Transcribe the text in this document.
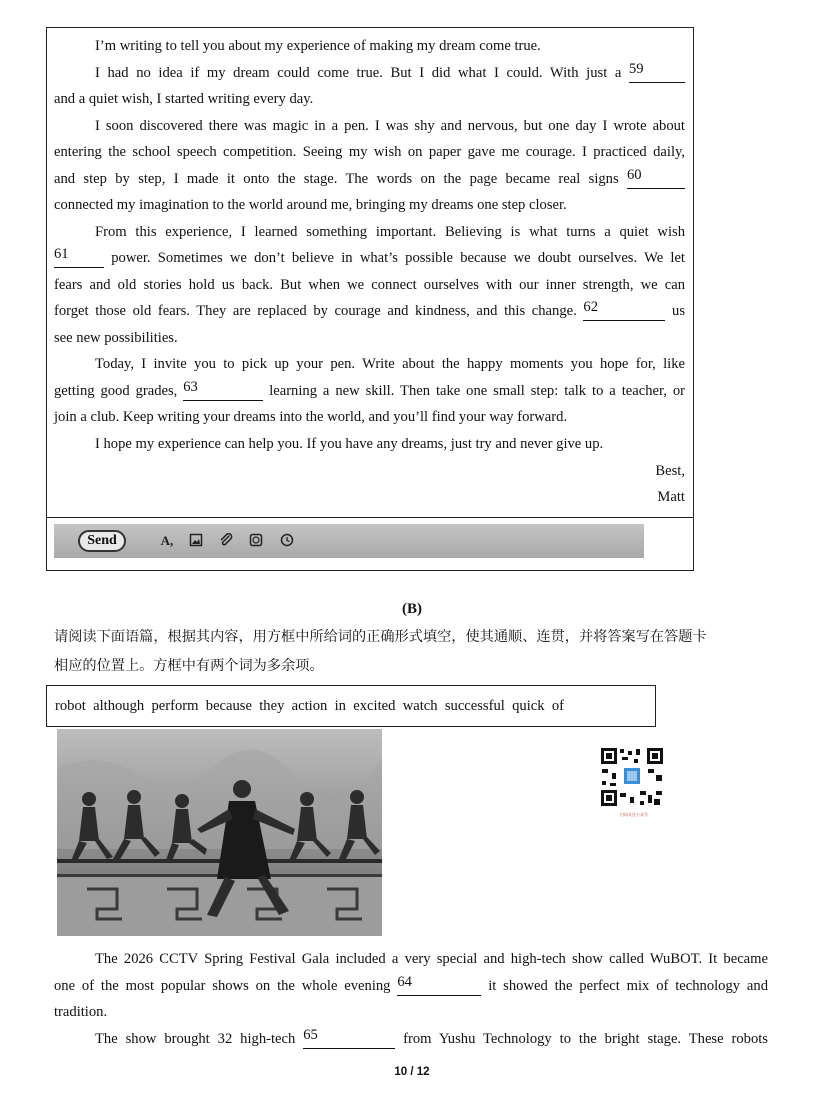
I’m writing to tell you about my experience of making my dream come true.
I had no idea if my dream could come true. But I did what I could. With just a 59
and a quiet wish, I started writing every day.
I soon discovered there was magic in a pen. I was shy and nervous, but one day I wrote about
entering the school speech competition. Seeing my wish on paper gave me courage. I practiced daily,
and step by step, I made it onto the stage. The words on the page became real signs 60
connected my imagination to the world around me, bringing my dreams one step closer.
From this experience, I learned something important. Believing is what turns a quiet wish
61	power. Sometimes we don’t believe in what’s possible because we doubt ourselves. We let
fears and old stories hold us back. But when we connect ourselves with our inner strength, we can
forget those old fears. They are replaced by courage and kindness, and this change. 62	us
see new possibilities.
Today, I invite you to pick up your pen. Write about the happy moments you hope for, like
getting good grades, 63	learning a new skill. Then take one small step: talk to a teacher, or
join a club. Keep writing your dreams into the world, and you’ll find your way forward.
I hope my experience can help you. If you have any dreams, just try and never give up.
Best,
Matt
Send	A,
(B)
请阅读下面语篇，根据其内容，用方框中所给词的正确形式填空，使其通顺、连贯，并将答案写在答题卡
相应的位置上。方框中有两个词为多余项。
robot  although  perform  because  they  action  in  excited  watch  successful  quick  of
扫码关注公众号
The 2026 CCTV Spring Festival Gala included a very special and high-tech show called WuBOT. It became
one of the most popular shows on the whole evening 64	it showed the perfect mix of technology and
tradition.
The show brought 32 high-tech 65	from Yushu Technology to the bright stage. These robots
10 / 12
